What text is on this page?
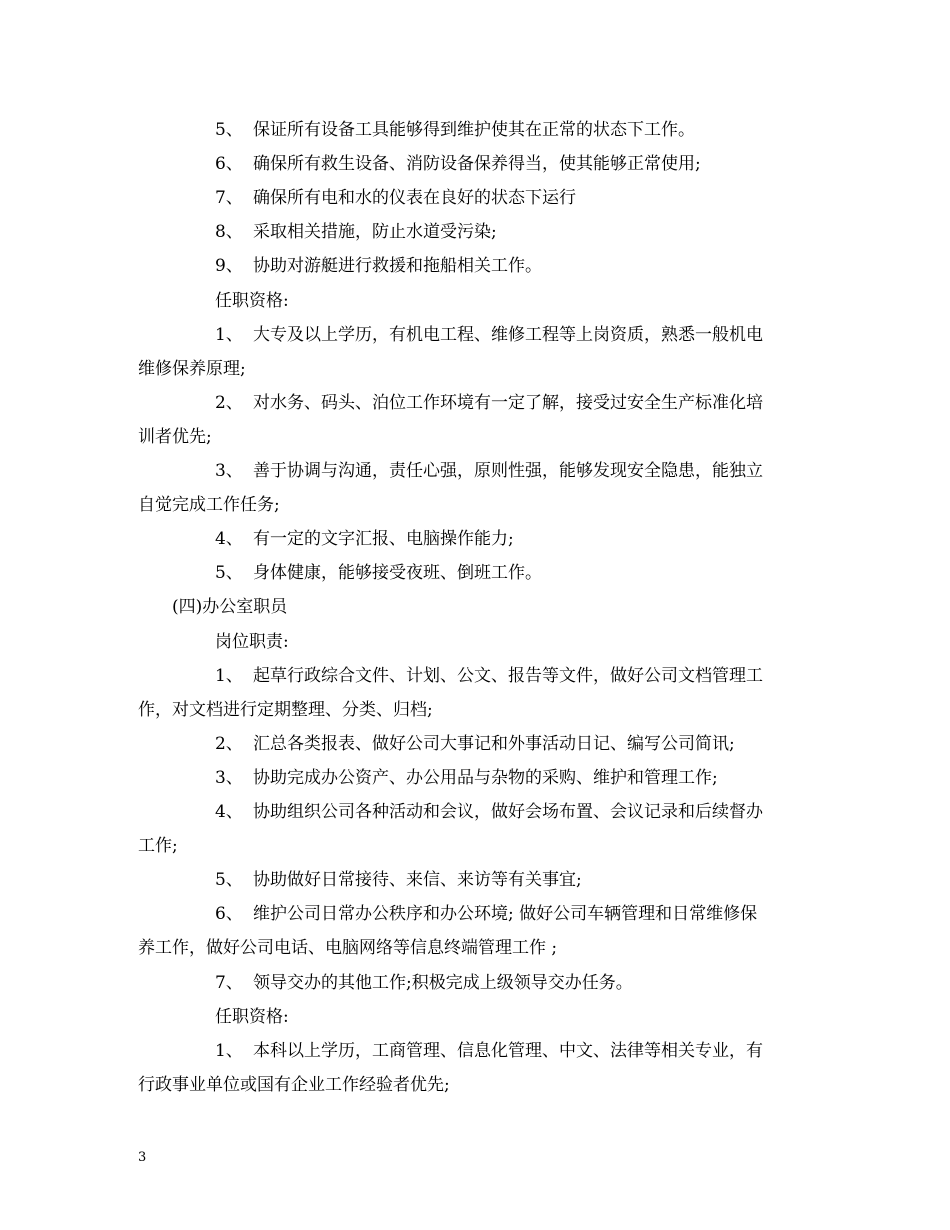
5、 保证所有设备工具能够得到维护使其在正常的状态下工作。
6、 确保所有救生设备、消防设备保养得当，使其能够正常使用;
7、 确保所有电和水的仪表在良好的状态下运行
8、 采取相关措施，防止水道受污染;
9、 协助对游艇进行救援和拖船相关工作。
任职资格:
1、 大专及以上学历，有机电工程、维修工程等上岗资质，熟悉一般机电
维修保养原理;
2、 对水务、码头、泊位工作环境有一定了解，接受过安全生产标准化培
训者优先;
3、 善于协调与沟通，责任心强，原则性强，能够发现安全隐患，能独立
自觉完成工作任务;
4、 有一定的文字汇报、电脑操作能力;
5、 身体健康，能够接受夜班、倒班工作。
(四)办公室职员
岗位职责:
1、 起草行政综合文件、计划、公文、报告等文件，做好公司文档管理工
作，对文档进行定期整理、分类、归档;
2、 汇总各类报表、做好公司大事记和外事活动日记、编写公司简讯;
3、 协助完成办公资产、办公用品与杂物的采购、维护和管理工作;
4、 协助组织公司各种活动和会议，做好会场布置、会议记录和后续督办
工作;
5、 协助做好日常接待、来信、来访等有关事宜;
6、 维护公司日常办公秩序和办公环境; 做好公司车辆管理和日常维修保
养工作，做好公司电话、电脑网络等信息终端管理工作 ;
7、 领导交办的其他工作;积极完成上级领导交办任务。
任职资格:
1、 本科以上学历，工商管理、信息化管理、中文、法律等相关专业，有
行政事业单位或国有企业工作经验者优先;
3
